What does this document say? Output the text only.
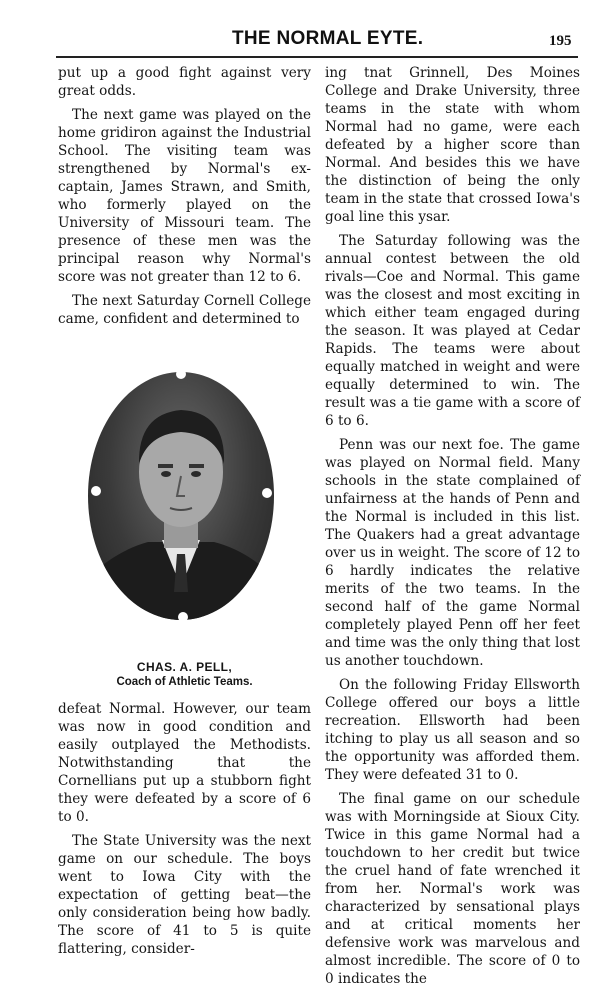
THE NORMAL EYTE.	195

put up a good fight against very great odds.

The next game was played on the home gridiron against the Industrial School. The visiting team was strengthened by Normal's ex-captain, James Strawn, and Smith, who formerly played on the University of Missouri team. The presence of these men was the principal reason why Normal's score was not greater than 12 to 6.

The next Saturday Cornell College came, confident and determined to

CHAS. A. PELL,
Coach of Athletic Teams.

defeat Normal. However, our team was now in good condition and easily outplayed the Methodists. Notwithstanding that the Cornellians put up a stubborn fight they were defeated by a score of 6 to 0.

The State University was the next game on our schedule. The boys went to Iowa City with the expectation of getting beat—the only consideration being how badly. The score of 41 to 5 is quite flattering, consider-

ing tnat Grinnell, Des Moines College and Drake University, three teams in the state with whom Normal had no game, were each defeated by a higher score than Normal. And besides this we have the distinction of being the only team in the state that crossed Iowa's goal line this ysar.

The Saturday following was the annual contest between the old rivals—Coe and Normal. This game was the closest and most exciting in which either team engaged during the season. It was played at Cedar Rapids. The teams were about equally matched in weight and were equally determined to win. The result was a tie game with a score of 6 to 6.

Penn was our next foe. The game was played on Normal field. Many schools in the state complained of unfairness at the hands of Penn and the Normal is included in this list. The Quakers had a great advantage over us in weight. The score of 12 to 6 hardly indicates the relative merits of the two teams. In the second half of the game Normal completely played Penn off her feet and time was the only thing that lost us another touchdown.

On the following Friday Ellsworth College offered our boys a little recreation. Ellsworth had been itching to play us all season and so the opportunity was afforded them. They were defeated 31 to 0.

The final game on our schedule was with Morningside at Sioux City. Twice in this game Normal had a touchdown to her credit but twice the cruel hand of fate wrenched it from her. Normal's work was characterized by sensational plays and at critical moments her defensive work was marvelous and almost incredible. The score of 0 to 0 indicates the
